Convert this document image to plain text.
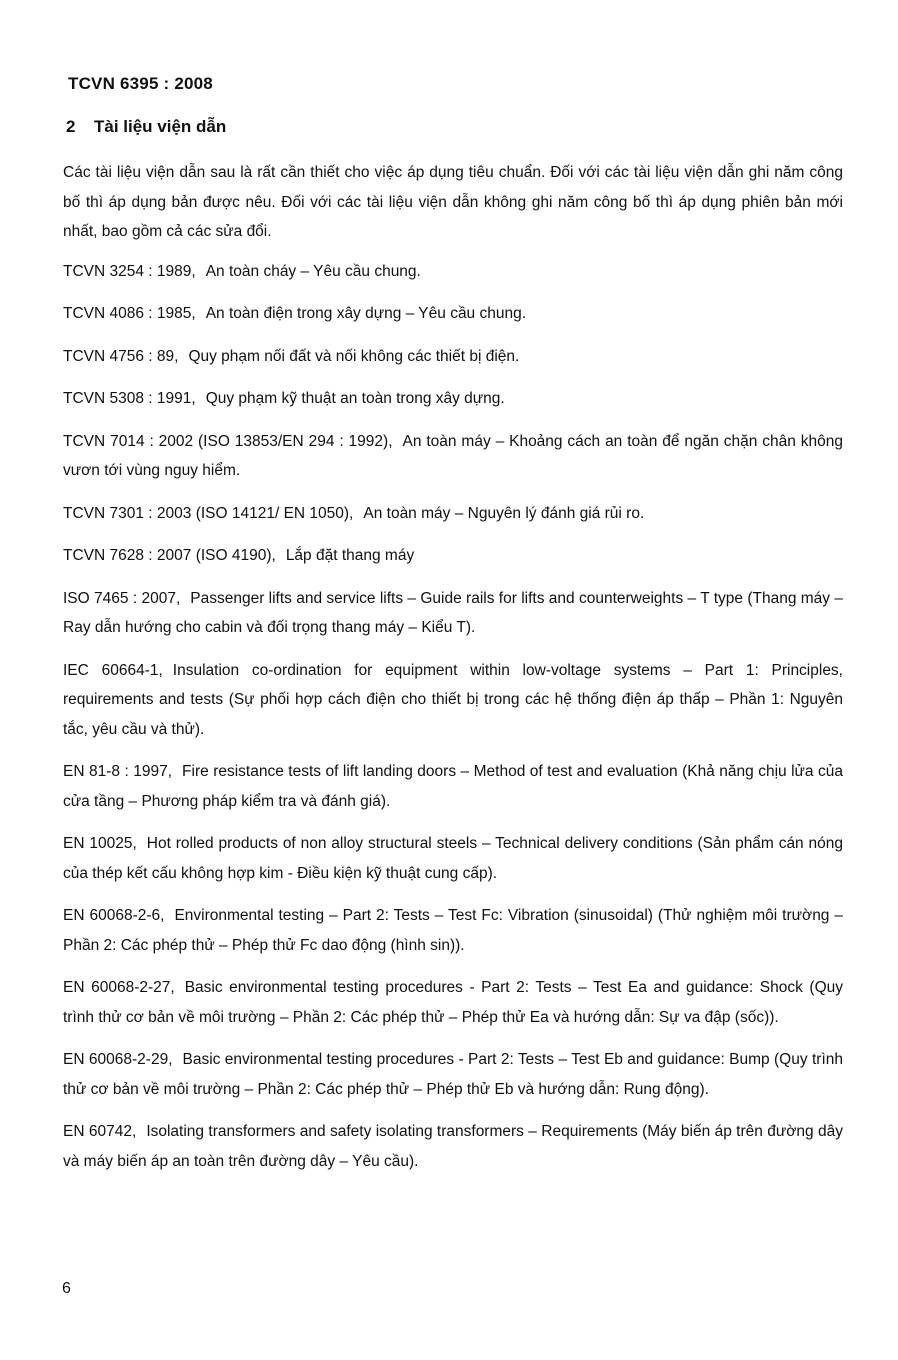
TCVN 6395 : 2008
2 Tài liệu viện dẫn

Các tài liệu viện dẫn sau là rất cần thiết cho việc áp dụng tiêu chuẩn. Đối với các tài liệu viện dẫn ghi năm công bố thì áp dụng bản được nêu. Đối với các tài liệu viện dẫn không ghi năm công bố thì áp dụng phiên bản mới nhất, bao gồm cả các sửa đổi.

TCVN 3254 : 1989, An toàn cháy – Yêu cầu chung.

TCVN 4086 : 1985, An toàn điện trong xây dựng – Yêu cầu chung.

TCVN 4756 : 89, Quy phạm nối đất và nối không các thiết bị điện.

TCVN 5308 : 1991, Quy phạm kỹ thuật an toàn trong xây dựng.

TCVN 7014 : 2002 (ISO 13853/EN 294 : 1992), An toàn máy – Khoảng cách an toàn để ngăn chặn chân không vươn tới vùng nguy hiểm.

TCVN 7301 : 2003 (ISO 14121/ EN 1050), An toàn máy – Nguyên lý đánh giá rủi ro.

TCVN 7628 : 2007 (ISO 4190), Lắp đặt thang máy

ISO 7465 : 2007, Passenger lifts and service lifts – Guide rails for lifts and counterweights – T type (Thang máy – Ray dẫn hướng cho cabin và đối trọng thang máy – Kiểu T).

IEC 60664-1, Insulation co-ordination for equipment within low-voltage systems – Part 1: Principles, requirements and tests (Sự phối hợp cách điện cho thiết bị trong các hệ thống điện áp thấp – Phần 1: Nguyên tắc, yêu cầu và thử).

EN 81-8 : 1997, Fire resistance tests of lift landing doors – Method of test and evaluation (Khả năng chịu lửa của cửa tầng – Phương pháp kiểm tra và đánh giá).

EN 10025, Hot rolled products of non alloy structural steels – Technical delivery conditions (Sản phẩm cán nóng của thép kết cấu không hợp kim - Điều kiện kỹ thuật cung cấp).

EN 60068-2-6, Environmental testing – Part 2: Tests – Test Fc: Vibration (sinusoidal) (Thử nghiệm môi trường – Phần 2: Các phép thử – Phép thử Fc dao động (hình sin)).

EN 60068-2-27, Basic environmental testing procedures - Part 2: Tests – Test Ea and guidance: Shock (Quy trình thử cơ bản về môi trường – Phần 2: Các phép thử – Phép thử Ea và hướng dẫn: Sự va đập (sốc)).

EN 60068-2-29, Basic environmental testing procedures - Part 2: Tests – Test Eb and guidance: Bump (Quy trình thử cơ bản về môi trường – Phần 2: Các phép thử – Phép thử Eb và hướng dẫn: Rung động).

EN 60742, Isolating transformers and safety isolating transformers – Requirements (Máy biến áp trên đường dây và máy biến áp an toàn trên đường dây – Yêu cầu).

6
